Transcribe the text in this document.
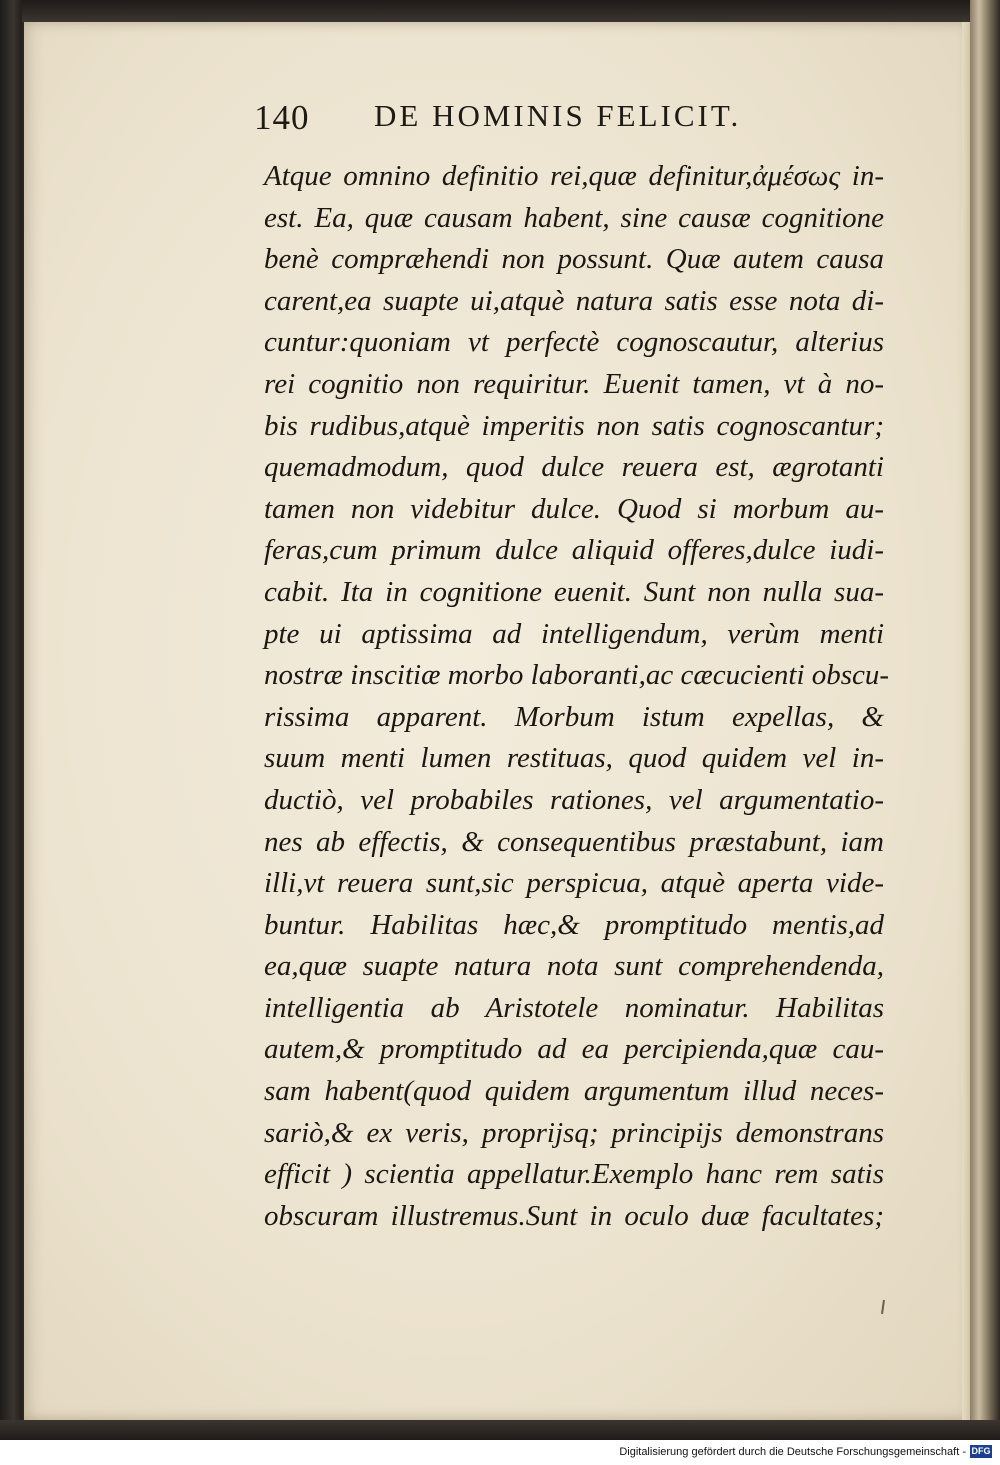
140 DE HOMINIS FELICIT.
Atque omnino definitio rei,quæ definitur,ἀμέσως in-
est. Ea, quæ causam habent, sine causæ cognitione
benè compræhendi non possunt. Quæ autem causa
carent,ea suapte ui,atquè natura satis esse nota di-
cuntur:quoniam vt perfectè cognoscautur, alterius
rei cognitio non requiritur. Euenit tamen, vt à no-
bis rudibus,atquè imperitis non satis cognoscantur;
quemadmodum, quod dulce reuera est, ægrotanti
tamen non videbitur dulce. Quod si morbum au-
feras,cum primum dulce aliquid offeres,dulce iudi-
cabit. Ita in cognitione euenit. Sunt non nulla sua-
pte ui aptissima ad intelligendum, verùm menti
nostræ inscitiæ morbo laboranti,ac cæcucienti obscu-
rissima apparent. Morbum istum expellas, &
suum menti lumen restituas, quod quidem vel in-
ductiò, vel probabiles rationes, vel argumentatio-
nes ab effectis, & consequentibus præstabunt, iam
illi,vt reuera sunt,sic perspicua, atquè aperta vide-
buntur. Habilitas hæc,& promptitudo mentis,ad
ea,quæ suapte natura nota sunt comprehendenda,
intelligentia ab Aristotele nominatur. Habilitas
autem,& promptitudo ad ea percipienda,quæ cau-
sam habent(quod quidem argumentum illud neces-
sariò,& ex veris, proprijsq; principijs demonstrans
efficit ) scientia appellatur.Exemplo hanc rem satis
obscuram illustremus.Sunt in oculo duæ facultates;
Digitalisierung gefördert durch die Deutsche Forschungsgemeinschaft - DFG
